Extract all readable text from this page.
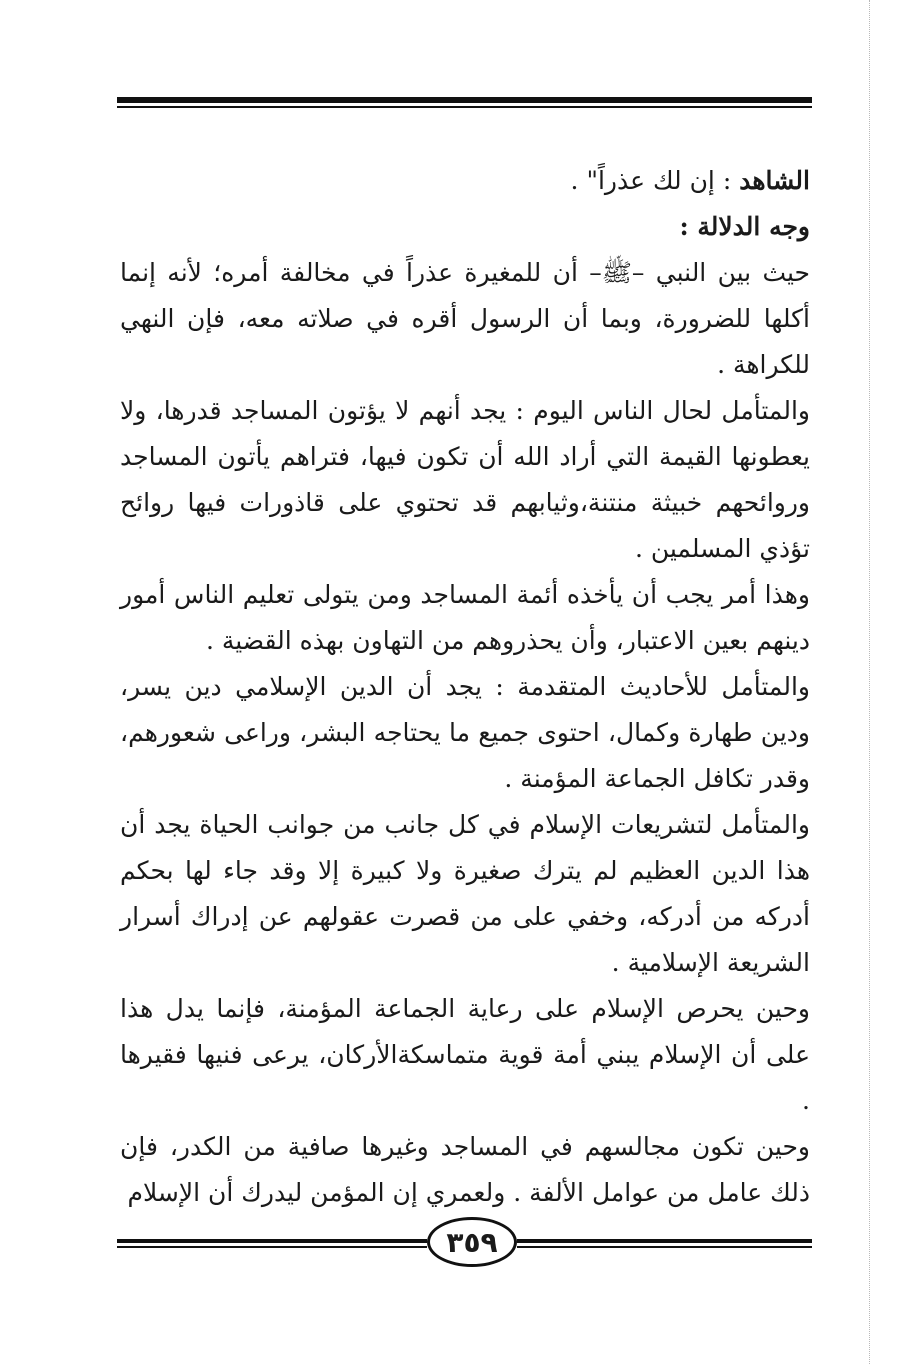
الشاهد : إن لك عذراً" .

وجه الدلالة :

حيث بين النبي –ﷺ– أن للمغيرة عذراً في مخالفة أمره؛ لأنه إنما أكلها للضرورة، وبما أن الرسول أقره في صلاته معه، فإن النهي للكراهة .

والمتأمل لحال الناس اليوم : يجد أنهم لا يؤتون المساجد قدرها، ولا يعطونها القيمة التي أراد الله أن تكون فيها، فتراهم يأتون المساجد وروائحهم خبيثة منتنة،وثيابهم قد تحتوي على قاذورات فيها روائح تؤذي المسلمين .

وهذا أمر يجب أن يأخذه أئمة المساجد ومن يتولى تعليم الناس أمور دينهم بعين الاعتبار، وأن يحذروهم من التهاون بهذه القضية .

والمتأمل للأحاديث المتقدمة : يجد أن الدين الإسلامي دين يسر، ودين طهارة وكمال، احتوى جميع ما يحتاجه البشر، وراعى شعورهم، وقدر تكافل الجماعة المؤمنة .

والمتأمل لتشريعات الإسلام في كل جانب من جوانب الحياة يجد أن هذا الدين العظيم لم يترك صغيرة ولا كبيرة إلا وقد جاء لها بحكم أدركه من أدركه، وخفي على من قصرت عقولهم عن إدراك أسرار الشريعة الإسلامية .

وحين يحرص الإسلام على رعاية الجماعة المؤمنة، فإنما يدل هذا على أن الإسلام يبني أمة قوية متماسكةالأركان، يرعى فنيها فقيرها .

وحين تكون مجالسهم في المساجد وغيرها صافية من الكدر، فإن ذلك عامل من عوامل الألفة . ولعمري إن المؤمن ليدرك أن الإسلام

٣٥٩
